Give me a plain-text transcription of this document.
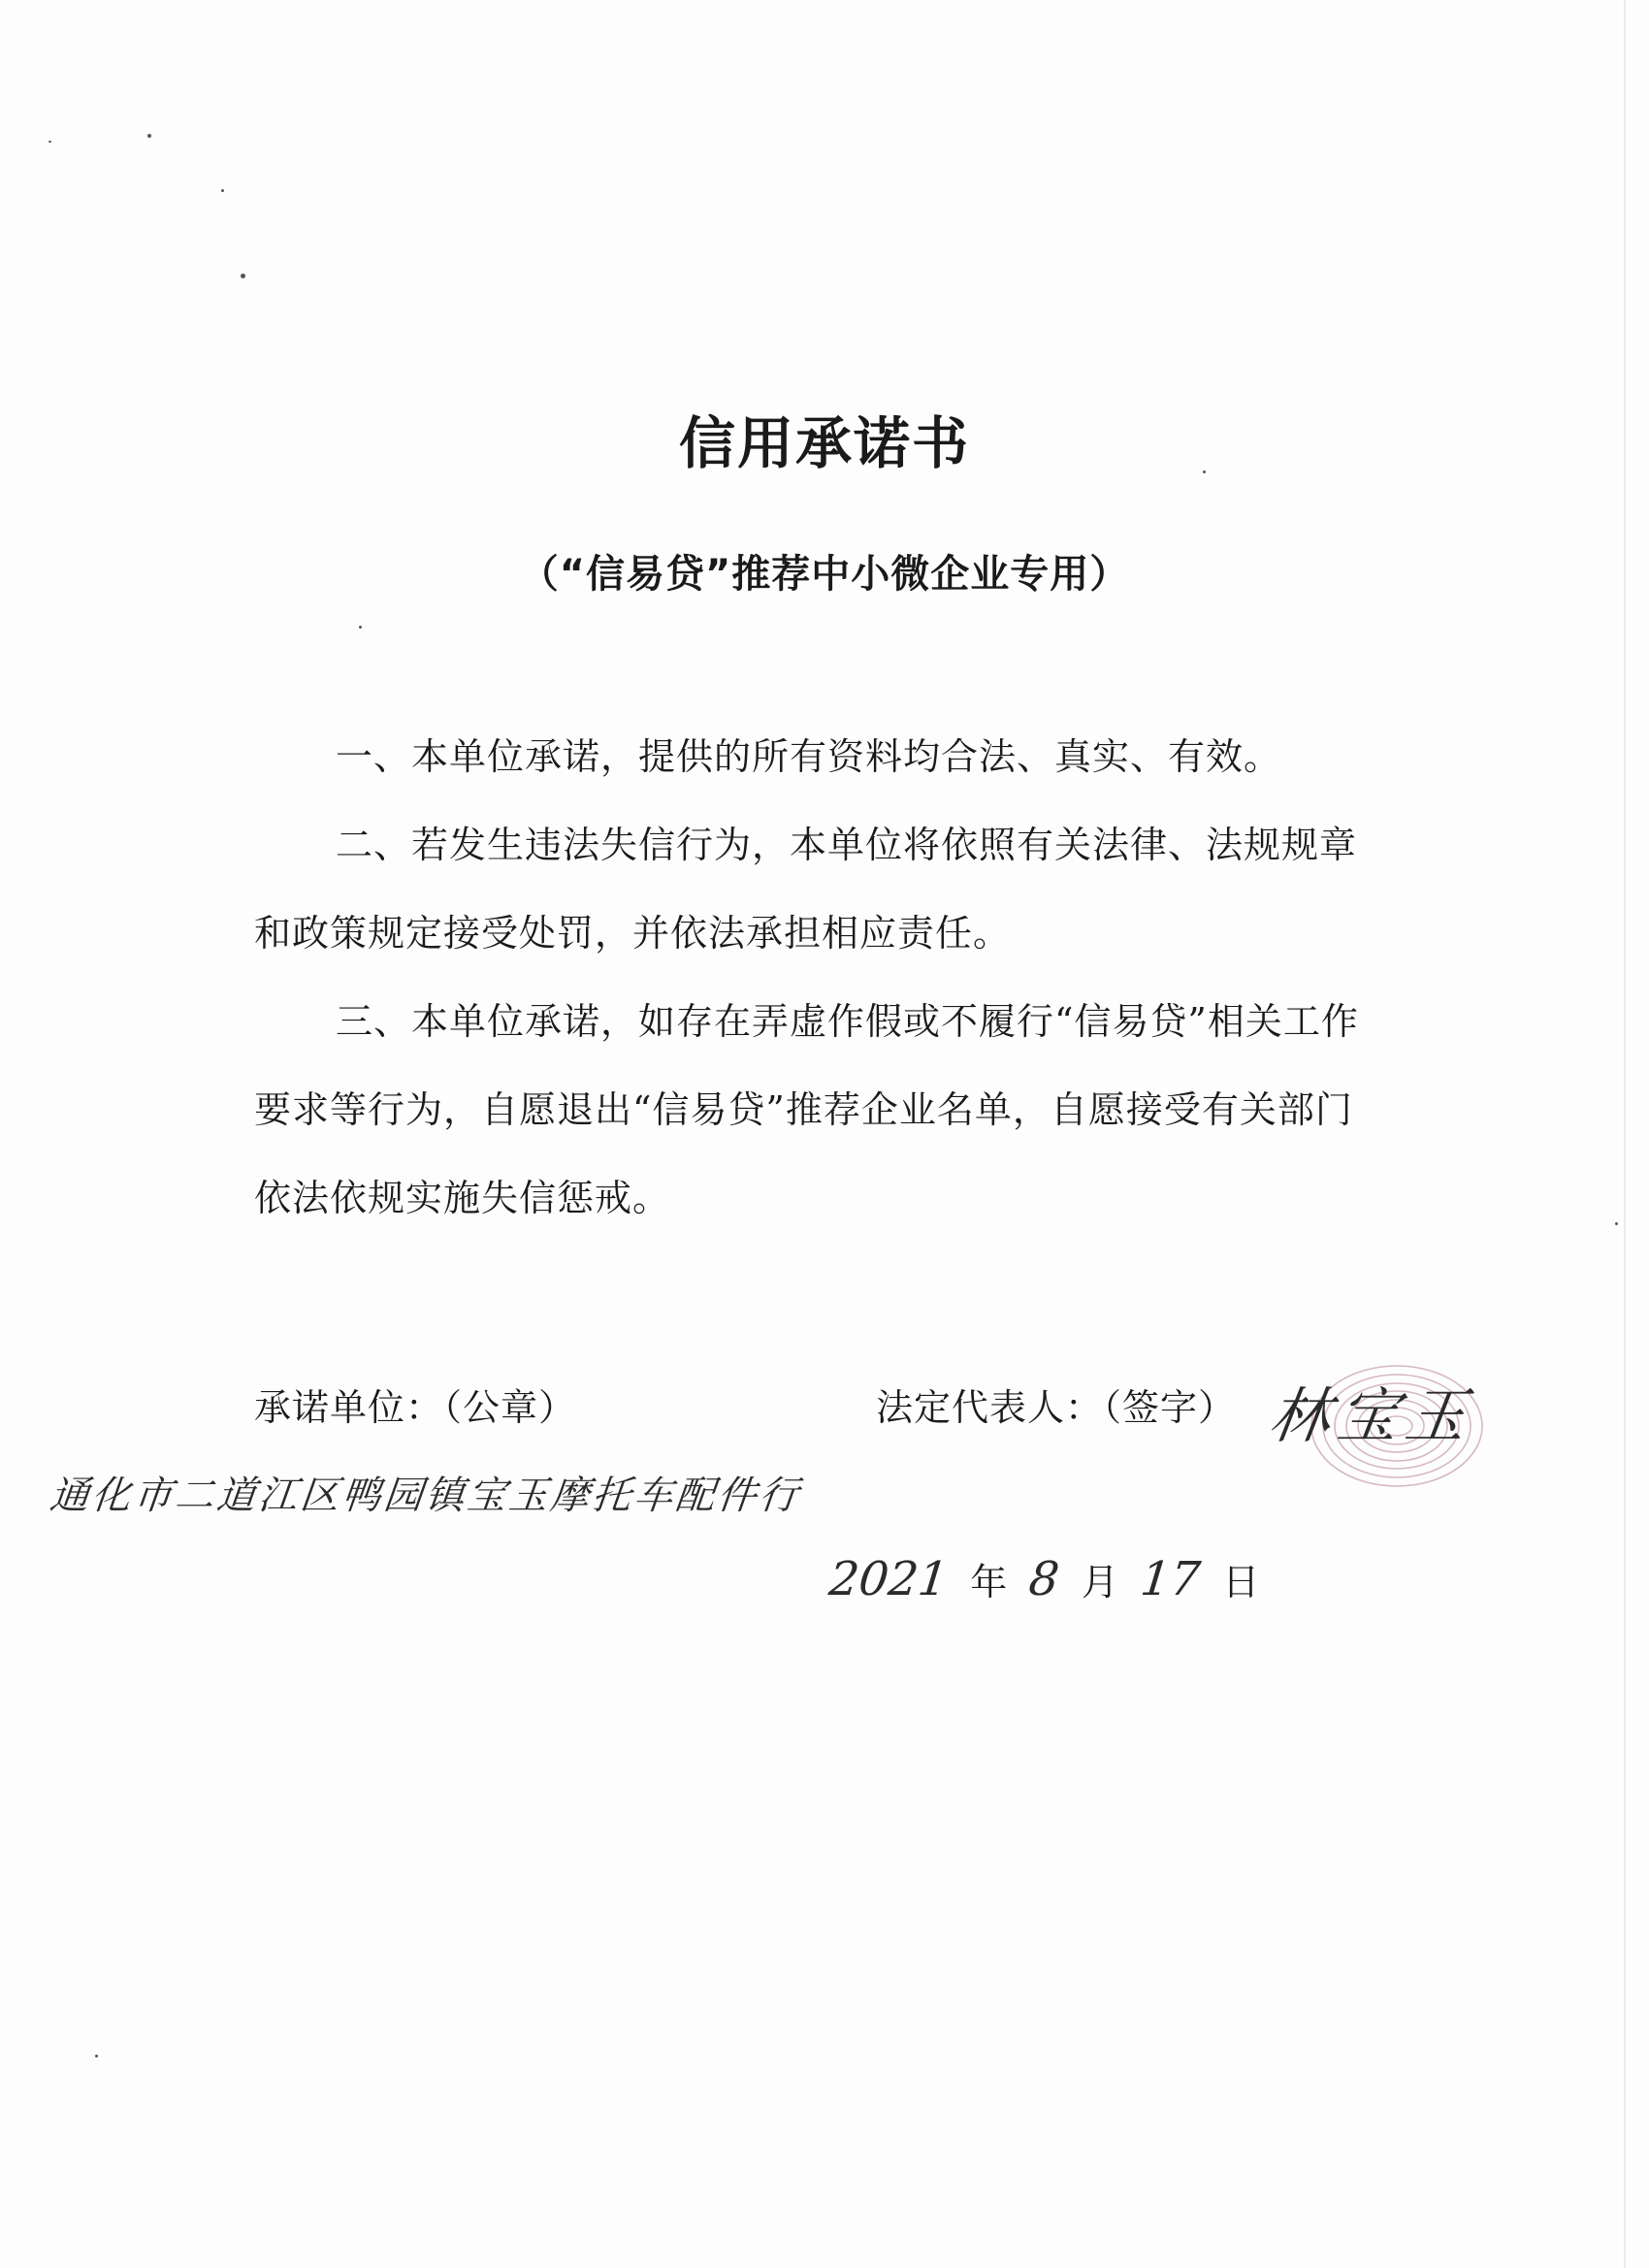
信用承诺书
（“信易贷”推荐中小微企业专用）

一、本单位承诺，提供的所有资料均合法、真实、有效。

二、若发生违法失信行为，本单位将依照有关法律、法规规章和政策规定接受处罚，并依法承担相应责任。

三、本单位承诺，如存在弄虚作假或不履行“信易贷”相关工作要求等行为，自愿退出“信易贷”推荐企业名单，自愿接受有关部门依法依规实施失信惩戒。

承诺单位：（公章）	法定代表人：（签字）
通化市二道江区鸭园镇宝玉摩托车配件行
林宝玉
2021 年 8 月 17 日
